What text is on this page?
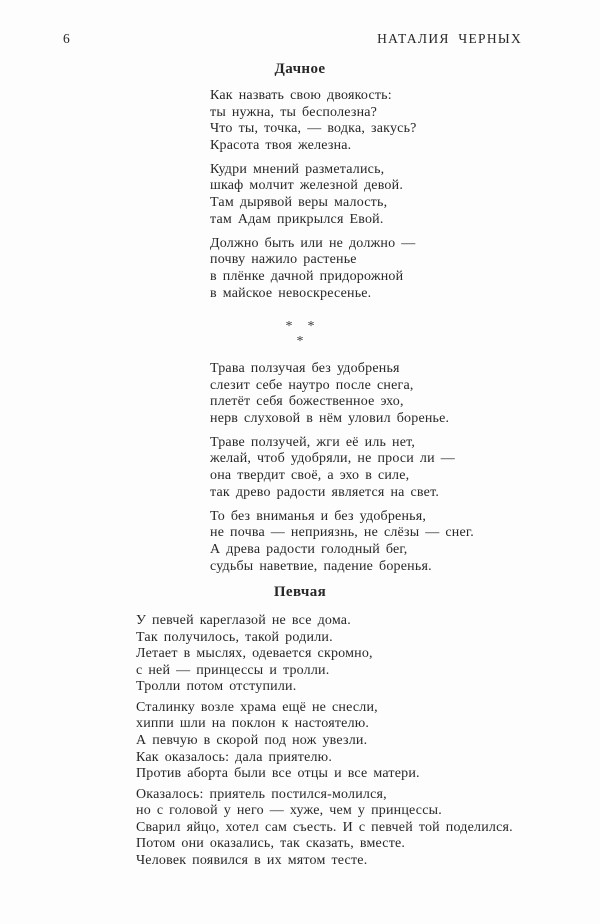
6	НАТАЛИЯ ЧЕРНЫХ
Дачное
Как назвать свою двоякость:
ты нужна, ты бесполезна?
Что ты, точка, — водка, закусь?
Красота твоя железна.
Кудри мнений разметались,
шкаф молчит железной девой.
Там дырявой веры малость,
там Адам прикрылся Евой.
Должно быть или не должно —
почву нажило растенье
в плёнке дачной придорожной
в майское невоскресенье.
* *
*
Трава ползучая без удобренья
слезит себе наутро после снега,
плетёт себя божественное эхо,
нерв слуховой в нём уловил боренье.
Траве ползучей, жги её иль нет,
желай, чтоб удобряли, не проси ли —
она твердит своё, а эхо в силе,
так древо радости является на свет.
То без вниманья и без удобренья,
не почва — неприязнь, не слёзы — снег.
А древа радости голодный бег,
судьбы наветвие, падение боренья.
Певчая
У певчей кареглазой не все дома.
Так получилось, такой родили.
Летает в мыслях, одевается скромно,
с ней — принцессы и тролли.
Тролли потом отступили.
Сталинку возле храма ещё не снесли,
хиппи шли на поклон к настоятелю.
А певчую в скорой под нож увезли.
Как оказалось: дала приятелю.
Против аборта были все отцы и все матери.
Оказалось: приятель постился-молился,
но с головой у него — хуже, чем у принцессы.
Сварил яйцо, хотел сам съесть. И с певчей той поделился.
Потом они оказались, так сказать, вместе.
Человек появился в их мятом тесте.
